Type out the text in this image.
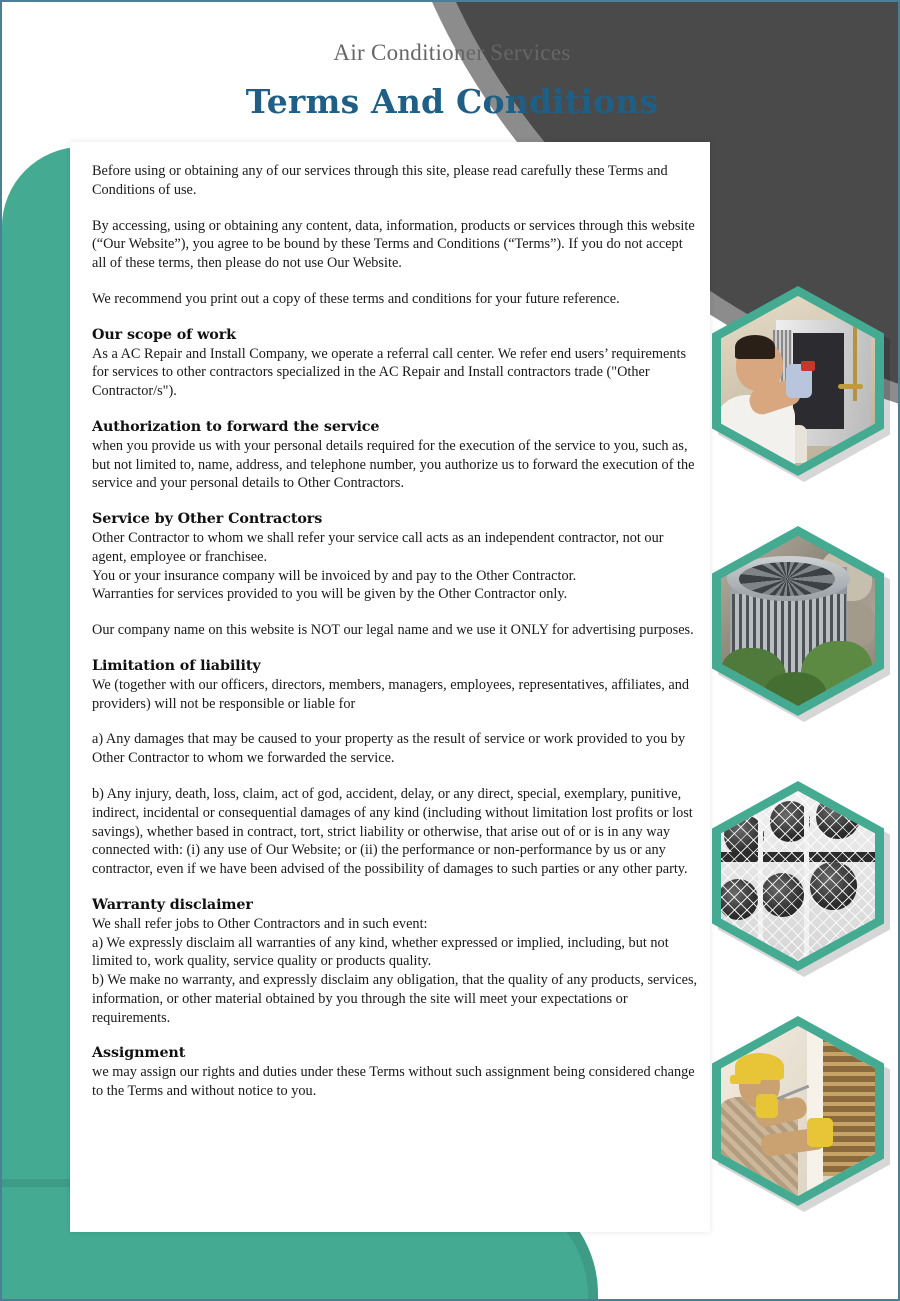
Air Conditioner Services

Terms And Conditions

Before using or obtaining any of our services through this site, please read carefully these Terms and Conditions of use.

By accessing, using or obtaining any content, data, information, products or services through this website (“Our Website”), you agree to be bound by these Terms and Conditions (“Terms”). If you do not accept all of these terms, then please do not use Our Website.

We recommend you print out a copy of these terms and conditions for your future reference.

Our scope of work

As a AC Repair and Install Company, we operate a referral call center. We refer end users’ requirements for services to other contractors specialized in the AC Repair and Install contractors trade ("Other Contractor/s").

Authorization to forward the service

when you provide us with your personal details required for the execution of the service to you, such as, but not limited to, name, address, and telephone number, you authorize us to forward the execution of the service and your personal details to Other Contractors.

Service by Other Contractors

Other Contractor to whom we shall refer your service call acts as an independent contractor, not our agent, employee or franchisee.

You or your insurance company will be invoiced by and pay to the Other Contractor.

Warranties for services provided to you will be given by the Other Contractor only.

Our company name on this website is NOT our legal name and we use it ONLY for advertising purposes.

Limitation of liability

We (together with our officers, directors, members, managers, employees, representatives, affiliates, and providers) will not be responsible or liable for

a) Any damages that may be caused to your property as the result of service or work provided to you by Other Contractor to whom we forwarded the service.

b) Any injury, death, loss, claim, act of god, accident, delay, or any direct, special, exemplary, punitive, indirect, incidental or consequential damages of any kind (including without limitation lost profits or lost savings), whether based in contract, tort, strict liability or otherwise, that arise out of or is in any way connected with: (i) any use of Our Website; or (ii) the performance or non-performance by us or any contractor, even if we have been advised of the possibility of damages to such parties or any other party.

Warranty disclaimer

We shall refer jobs to Other Contractors and in such event:

a) We expressly disclaim all warranties of any kind, whether expressed or implied, including, but not limited to, work quality, service quality or products quality.

b) We make no warranty, and expressly disclaim any obligation, that the quality of any products, services, information, or other material obtained by you through the site will meet your expectations or requirements.

Assignment

we may assign our rights and duties under these Terms without such assignment being considered change to the Terms and without notice to you.
